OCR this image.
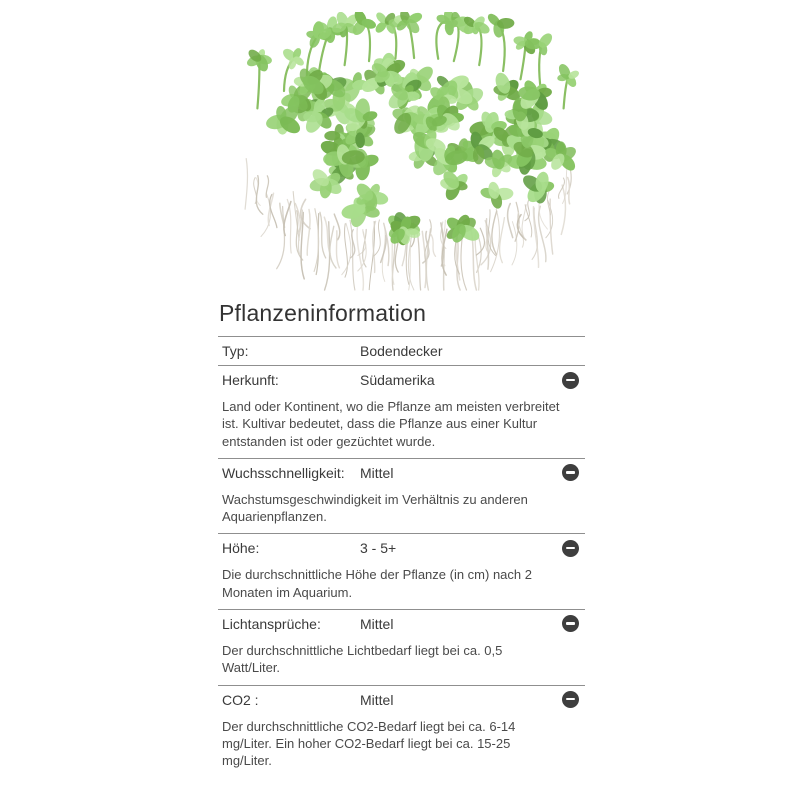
Pflanzeninformation
Typ:	Bodendecker
Herkunft:	Südamerika

Land oder Kontinent, wo die Pflanze am meisten verbreitet ist. Kultivar bedeutet, dass die Pflanze aus einer Kultur entstanden ist oder gezüchtet wurde.

Wuchsschnelligkeit:	Mittel

Wachstumsgeschwindigkeit im Verhältnis zu anderen Aquarienpflanzen.

Höhe:	3 - 5+

Die durchschnittliche Höhe der Pflanze (in cm) nach 2 Monaten im Aquarium.

Lichtansprüche:	Mittel

Der durchschnittliche Lichtbedarf liegt bei ca. 0,5 Watt/Liter.

CO2 :	Mittel

Der durchschnittliche CO2-Bedarf liegt bei ca. 6-14 mg/Liter. Ein hoher CO2-Bedarf liegt bei ca. 15-25 mg/Liter.
